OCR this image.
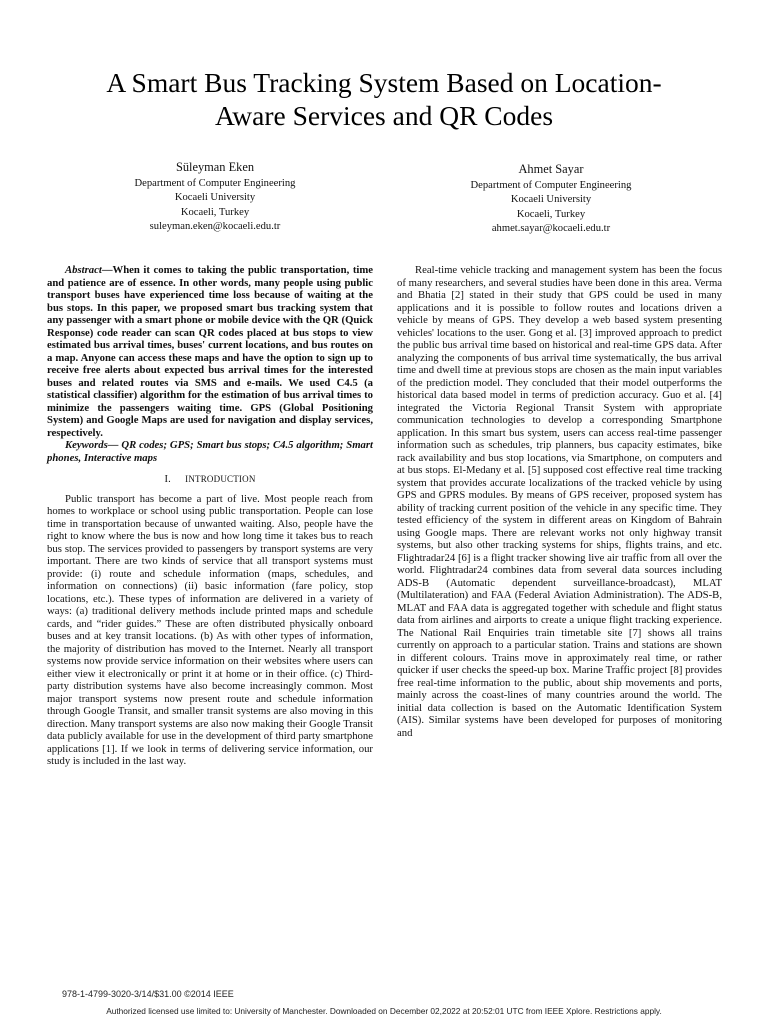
A Smart Bus Tracking System Based on Location-
Aware Services and QR Codes
Süleyman Eken
Department of Computer Engineering
Kocaeli University
Kocaeli, Turkey
suleyman.eken@kocaeli.edu.tr
Ahmet Sayar
Department of Computer Engineering
Kocaeli University
Kocaeli, Turkey
ahmet.sayar@kocaeli.edu.tr

Abstract—When it comes to taking the public transportation, time and patience are of essence. In other words, many people using public transport buses have experienced time loss because of waiting at the bus stops. In this paper, we proposed smart bus tracking system that any passenger with a smart phone or mobile device with the QR (Quick Response) code reader can scan QR codes placed at bus stops to view estimated bus arrival times, buses' current locations, and bus routes on a map. Anyone can access these maps and have the option to sign up to receive free alerts about expected bus arrival times for the interested buses and related routes via SMS and e-mails. We used C4.5 (a statistical classifier) algorithm for the estimation of bus arrival times to minimize the passengers waiting time. GPS (Global Positioning System) and Google Maps are used for navigation and display services, respectively.

Keywords— QR codes; GPS; Smart bus stops; C4.5 algorithm; Smart phones, Interactive maps

I. INTRODUCTION

Public transport has become a part of live. Most people reach from homes to workplace or school using public transportation. People can lose time in transportation because of unwanted waiting. Also, people have the right to know where the bus is now and how long time it takes bus to reach bus stop. The services provided to passengers by transport systems are very important. There are two kinds of service that all transport systems must provide: (i) route and schedule information (maps, schedules, and information on connections) (ii) basic information (fare policy, stop locations, etc.). These types of information are delivered in a variety of ways: (a) traditional delivery methods include printed maps and schedule cards, and “rider guides.” These are often distributed physically onboard buses and at key transit locations. (b) As with other types of information, the majority of distribution has moved to the Internet. Nearly all transport systems now provide service information on their websites where users can either view it electronically or print it at home or in their office. (c) Third-party distribution systems have also become increasingly common. Most major transport systems now present route and schedule information through Google Transit, and smaller transit systems are also moving in this direction. Many transport systems are also now making their Google Transit data publicly available for use in the development of third party smartphone applications [1]. If we look in terms of delivering service information, our study is included in the last way.

Real-time vehicle tracking and management system has been the focus of many researchers, and several studies have been done in this area. Verma and Bhatia [2] stated in their study that GPS could be used in many applications and it is possible to follow routes and locations driven a vehicle by means of GPS. They develop a web based system presenting vehicles' locations to the user. Gong et al. [3] improved approach to predict the public bus arrival time based on historical and real-time GPS data. After analyzing the components of bus arrival time systematically, the bus arrival time and dwell time at previous stops are chosen as the main input variables of the prediction model. They concluded that their model outperforms the historical data based model in terms of prediction accuracy. Guo et al. [4] integrated the Victoria Regional Transit System with appropriate communication technologies to develop a corresponding Smartphone application. In this smart bus system, users can access real-time passenger information such as schedules, trip planners, bus capacity estimates, bike rack availability and bus stop locations, via Smartphone, on computers and at bus stops. El-Medany et al. [5] supposed cost effective real time tracking system that provides accurate localizations of the tracked vehicle by using GPS and GPRS modules. By means of GPS receiver, proposed system has ability of tracking current position of the vehicle in any specific time. They tested efficiency of the system in different areas on Kingdom of Bahrain using Google maps. There are relevant works not only highway transit systems, but also other tracking systems for ships, flights trains, and etc. Flightradar24 [6] is a flight tracker showing live air traffic from all over the world. Flightradar24 combines data from several data sources including ADS-B (Automatic dependent surveillance-broadcast), MLAT (Multilateration) and FAA (Federal Aviation Administration). The ADS-B, MLAT and FAA data is aggregated together with schedule and flight status data from airlines and airports to create a unique flight tracking experience. The National Rail Enquiries train timetable site [7] shows all trains currently on approach to a particular station. Trains and stations are shown in different colours. Trains move in approximately real time, or rather quicker if user checks the speed-up box. Marine Traffic project [8] provides free real-time information to the public, about ship movements and ports, mainly across the coast-lines of many countries around the world. The initial data collection is based on the Automatic Identification System (AIS). Similar systems have been developed for purposes of monitoring and

978-1-4799-3020-3/14/$31.00 ©2014 IEEE
Authorized licensed use limited to: University of Manchester. Downloaded on December 02,2022 at 20:52:01 UTC from IEEE Xplore. Restrictions apply.
